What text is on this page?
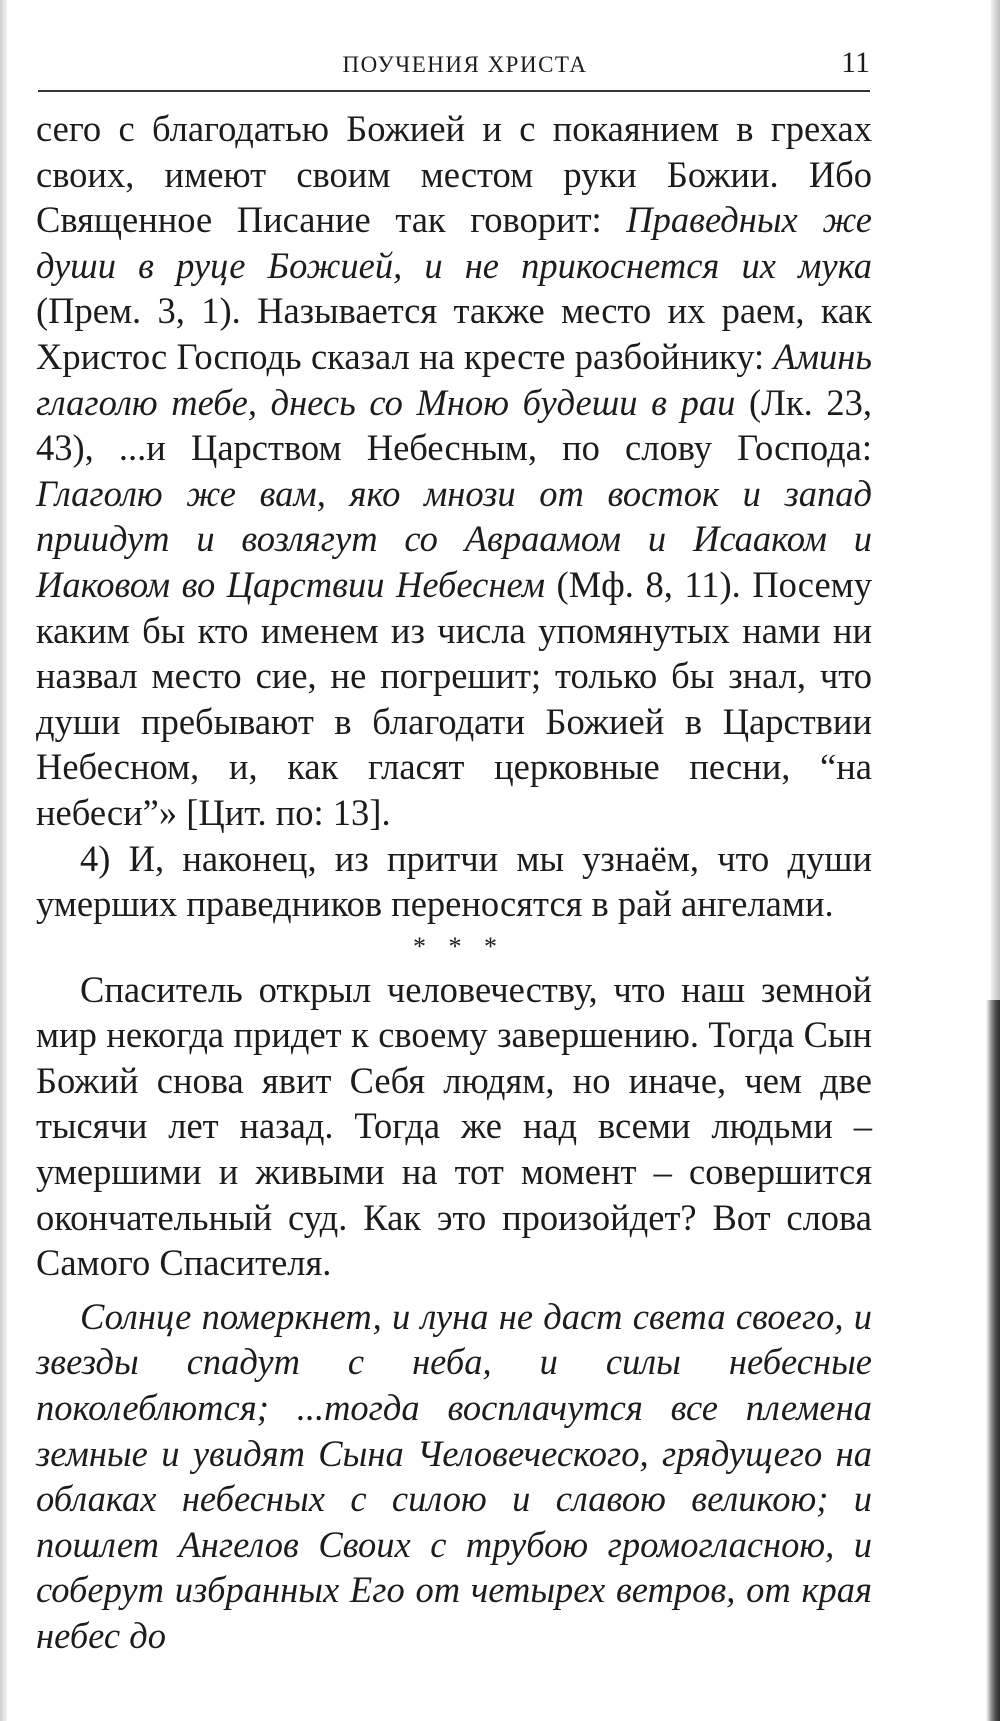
ПОУЧЕНИЯ ХРИСТА	11

сего с благодатью Божией и с покаянием в грехах своих, имеют своим местом руки Божии. Ибо Священное Писание так говорит: Праведных же души в руце Божией, и не прикоснется их мука (Прем. 3, 1). Называется также место их раем, как Христос Господь сказал на кресте разбойнику: Аминь глаголю тебе, днесь со Мною будеши в раи (Лк. 23, 43), ...и Царством Небесным, по слову Господа: Глаголю же вам, яко мнози от восток и запад приидут и возлягут со Авраамом и Исааком и Иаковом во Царствии Небеснем (Мф. 8, 11). Посему каким бы кто именем из числа упомянутых нами ни назвал место сие, не погрешит; только бы знал, что души пребывают в благодати Божией в Царствии Небесном, и, как гласят церковные песни, “на небеси”» [Цит. по: 13].

4) И, наконец, из притчи мы узнаём, что души умерших праведников переносятся в рай ангелами.

* * *

Спаситель открыл человечеству, что наш земной мир некогда придет к своему завершению. Тогда Сын Божий снова явит Себя людям, но иначе, чем две тысячи лет назад. Тогда же над всеми людьми – умершими и живыми на тот момент – совершится окончательный суд. Как это произойдет? Вот слова Самого Спасителя.

Солнце померкнет, и луна не даст света своего, и звезды спадут с неба, и силы небесные поколеблются; ...тогда восплачутся все племена земные и увидят Сына Человеческого, грядущего на облаках небесных с силою и славою великою; и пошлет Ангелов Своих с трубою громогласною, и соберут избранных Его от четырех ветров, от края небес до
